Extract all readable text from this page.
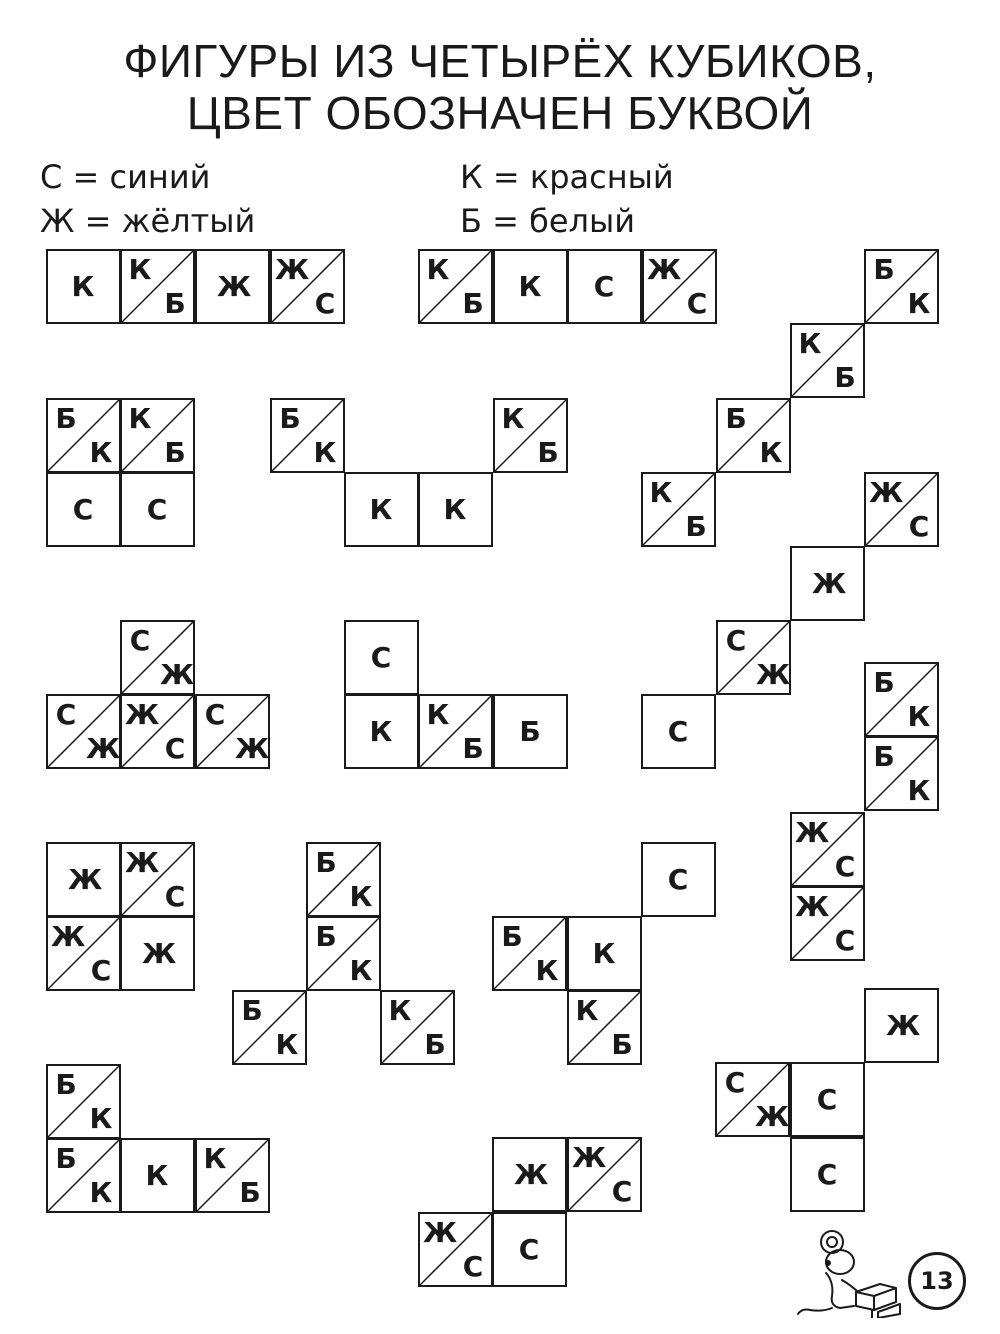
ФИГУРЫ ИЗ ЧЕТЫРЁХ КУБИКОВ,
ЦВЕТ ОБОЗНАЧЕН БУКВОЙ
С = синий	К = красный
Ж = жёлтый	Б = белый
К
К
Б
Ж
Ж
С
К
Б
К С
Ж
С
Б
К
К
Б
Б
К
К
Б
Б
К
К
Б
С С
Б
К
К К
К
Б
С
Ж
С
Ж
Ж
С
С
Ж
С
К
К
Б
Б
Ж
С
Ж
С
Ж
С
Б
К
Б
К
Ж
С
Ж
С
Ж
Ж
С
Ж
С
Ж
Б
К
Б
К
Б
К
К
Б
С
Б
К
К
К
Б
Ж
С
С
Ж
С
Б
К
Б
К
К
К
Б
Ж
Ж
С
Ж
С
С
13
